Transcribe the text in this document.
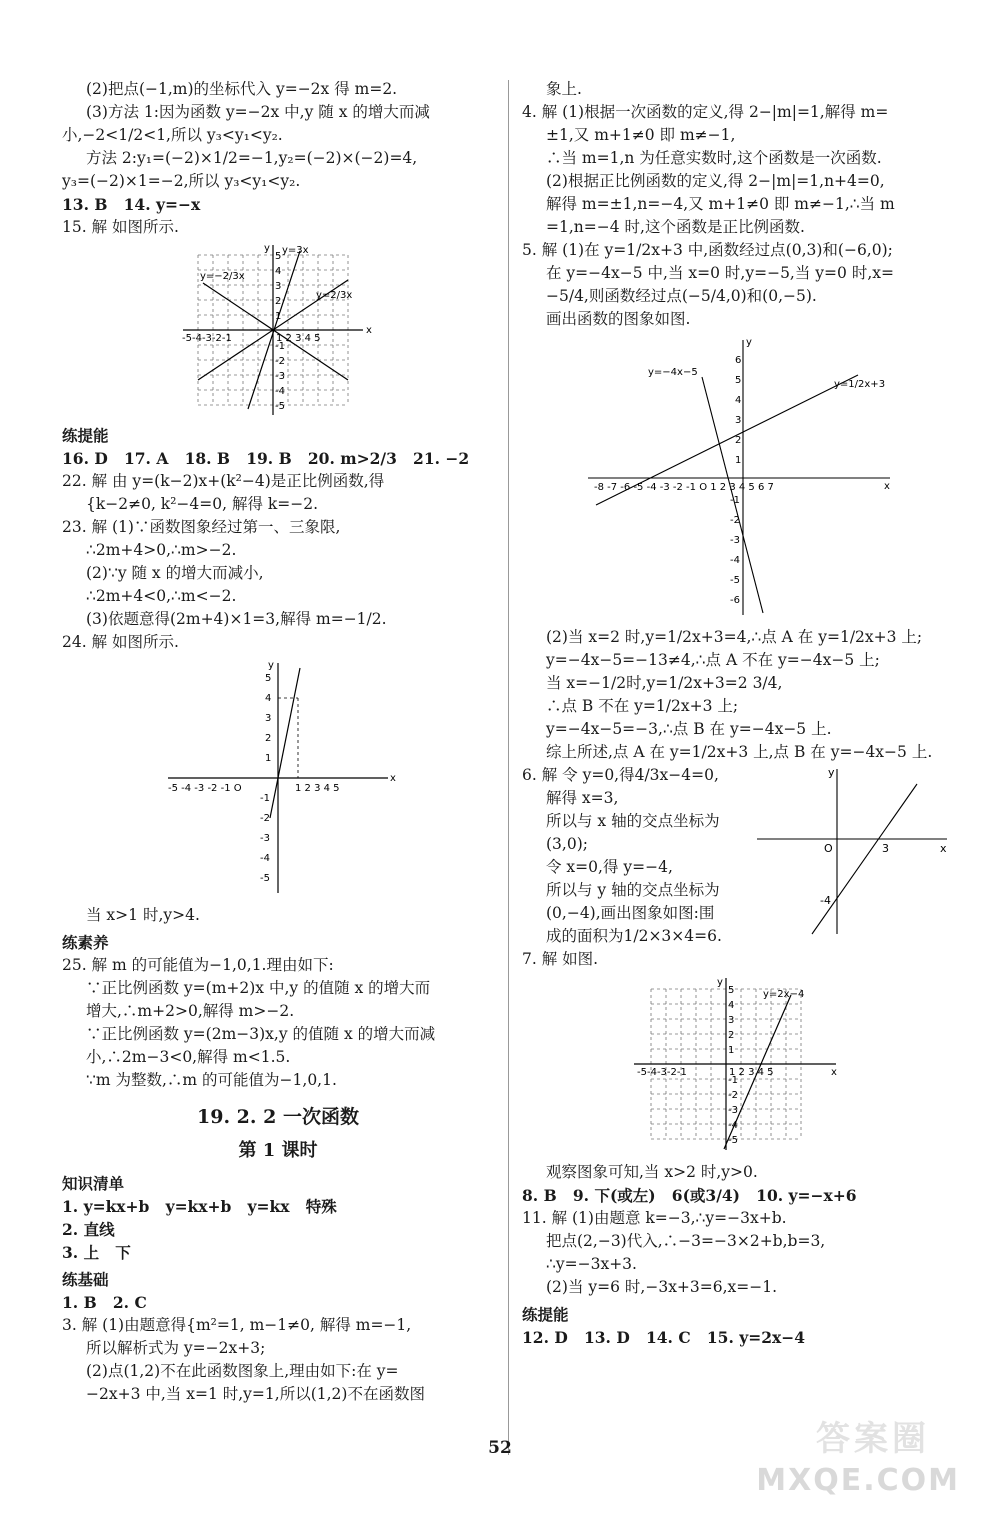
(2)把点(−1,m)的坐标代入 y=−2x 得 m=2.

(3)方法 1:因为函数 y=−2x 中,y 随 x 的增大而减

小,−2<1/2<1,所以 y₃<y₁<y₂.

方法 2:y₁=(−2)×1/2=−1,y₂=(−2)×(−2)=4,

y₃=(−2)×1=−2,所以 y₃<y₁<y₂.

13. B   14. y=−x

15. 解 如图所示.

x
y
-5-4-3-2-1	1 2 3 4 5
5
4
3
2
1
-1
-2
-3
-4
-5
y=3x
y=−2/3x
y=2/3x

练提能

16. D   17. A   18. B   19. B   20. m>2/3   21. −2

22. 解 由 y=(k−2)x+(k²−4)是正比例函数,得

{k−2≠0, k²−4=0, 解得 k=−2.

23. 解 (1)∵函数图象经过第一、三象限,

∴2m+4>0,∴m>−2.

(2)∵y 随 x 的增大而减小,

∴2m+4<0,∴m<−2.

(3)依题意得(2m+4)×1=3,解得 m=−1/2.

24. 解 如图所示.

x
y
-5 -4 -3 -2 -1 O	1 2 3 4 5
5
4
3
2
1
-1
-2
-3
-4
-5

当 x>1 时,y>4.

练素养

25. 解 m 的可能值为−1,0,1.理由如下:

∵正比例函数 y=(m+2)x 中,y 的值随 x 的增大而

增大,∴m+2>0,解得 m>−2.

∵正比例函数 y=(2m−3)x,y 的值随 x 的增大而减

小,∴2m−3<0,解得 m<1.5.

∵m 为整数,∴m 的可能值为−1,0,1.

19. 2. 2 一次函数
第 1 课时

知识清单

1. y=kx+b   y=kx+b   y=kx   特殊

2. 直线

3. 上   下

练基础

1. B   2. C

3. 解 (1)由题意得{m²=1, m−1≠0, 解得 m=−1,

所以解析式为 y=−2x+3;

(2)点(1,2)不在此函数图象上,理由如下:在 y=

−2x+3 中,当 x=1 时,y=1,所以(1,2)不在函数图

象上.

4. 解 (1)根据一次函数的定义,得 2−|m|=1,解得 m=

±1,又 m+1≠0 即 m≠−1,

∴当 m=1,n 为任意实数时,这个函数是一次函数.

(2)根据正比例函数的定义,得 2−|m|=1,n+4=0,

解得 m=±1,n=−4,又 m+1≠0 即 m≠−1,∴当 m

=1,n=−4 时,这个函数是正比例函数.

5. 解 (1)在 y=1/2x+3 中,函数经过点(0,3)和(−6,0);

在 y=−4x−5 中,当 x=0 时,y=−5,当 y=0 时,x=

−5/4,则函数经过点(−5/4,0)和(0,−5).

画出函数的图象如图.

x
y
-8 -7 -6 -5 -4 -3 -2 -1 O 1 2 3 4 5 6 7
6
5
4
3
2
1
-1
-2
-3
-4
-5
-6
y=−4x−5
y=1/2x+3

(2)当 x=2 时,y=1/2x+3=4,∴点 A 在 y=1/2x+3 上;

y=−4x−5=−13≠4,∴点 A 不在 y=−4x−5 上;

当 x=−1/2时,y=1/2x+3=2 3/4,

∴点 B 不在 y=1/2x+3 上;

y=−4x−5=−3,∴点 B 在 y=−4x−5 上.

综上所述,点 A 在 y=1/2x+3 上,点 B 在 y=−4x−5 上.

6. 解 令 y=0,得4/3x−4=0,

解得 x=3,

所以与 x 轴的交点坐标为

(3,0);

令 x=0,得 y=−4,

所以与 y 轴的交点坐标为

(0,−4),画出图象如图:围

成的面积为1/2×3×4=6.

x
y
O	3
-4

7. 解 如图.

x
y
-5-4-3-2-1	1 2 3 4 5
5
4
3
2
1
-1
-2
-3
-4
-5
y=2x−4

观察图象可知,当 x>2 时,y>0.

8. B   9. 下(或左)   6(或3/4)   10. y=−x+6

11. 解 (1)由题意 k=−3,∴y=−3x+b.

把点(2,−3)代入,∴−3=−3×2+b,b=3,

∴y=−3x+3.

(2)当 y=6 时,−3x+3=6,x=−1.

练提能

12. D   13. D   14. C   15. y=2x−4

52	答案圈
MXQE.COM
